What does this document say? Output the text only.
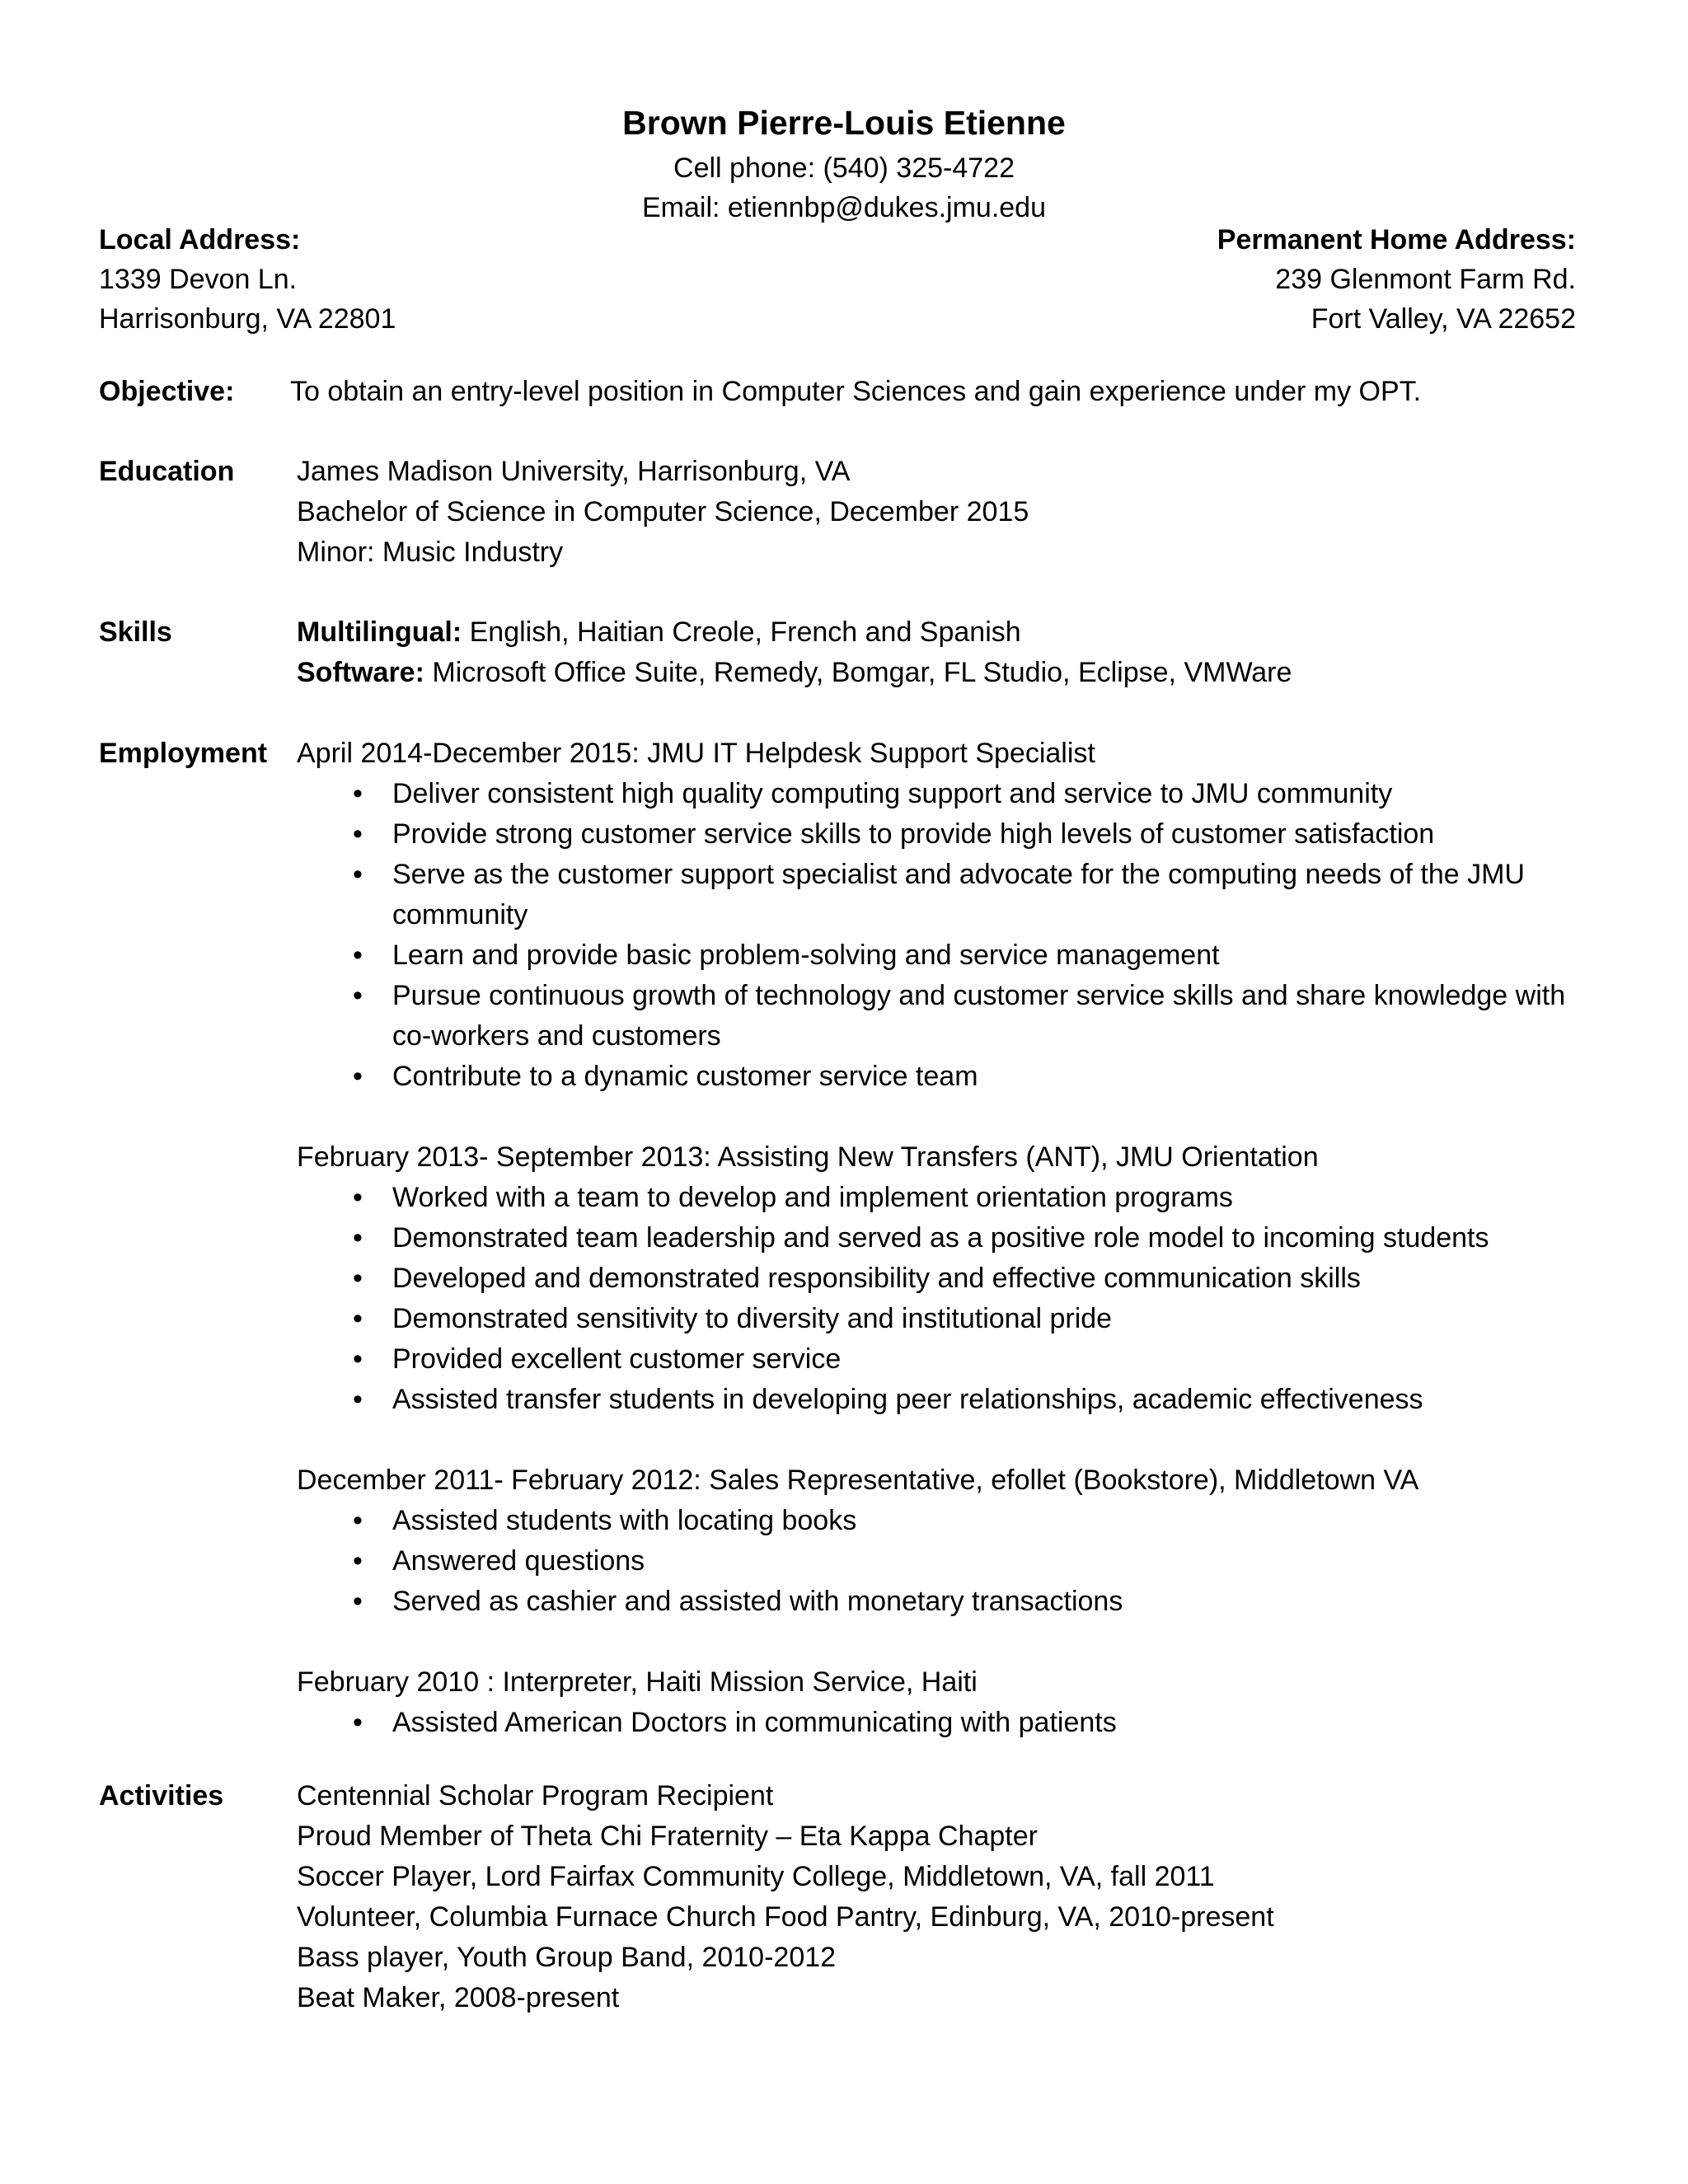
Brown Pierre-Louis Etienne
Cell phone: (540) 325-4722
Email: etiennbp@dukes.jmu.edu
Local Address:
1339 Devon Ln.
Harrisonburg, VA 22801
Permanent Home Address:
239 Glenmont Farm Rd.
Fort Valley, VA 22652
Objective: To obtain an entry-level position in Computer Sciences and gain experience under my OPT.
Education James Madison University, Harrisonburg, VA
Bachelor of Science in Computer Science, December 2015
Minor: Music Industry
Skills	Multilingual: English, Haitian Creole, French and Spanish
Software: Microsoft Office Suite, Remedy, Bomgar, FL Studio, Eclipse, VMWare
Employment April 2014-December 2015: JMU IT Helpdesk Support Specialist
• Deliver consistent high quality computing support and service to JMU community
• Provide strong customer service skills to provide high levels of customer satisfaction
• Serve as the customer support specialist and advocate for the computing needs of the JMU community
• Learn and provide basic problem-solving and service management
• Pursue continuous growth of technology and customer service skills and share knowledge with co-workers and customers
• Contribute to a dynamic customer service team
February 2013- September 2013: Assisting New Transfers (ANT), JMU Orientation
• Worked with a team to develop and implement orientation programs
• Demonstrated team leadership and served as a positive role model to incoming students
• Developed and demonstrated responsibility and effective communication skills
• Demonstrated sensitivity to diversity and institutional pride
• Provided excellent customer service
• Assisted transfer students in developing peer relationships, academic effectiveness
December 2011- February 2012: Sales Representative, efollet (Bookstore), Middletown VA
• Assisted students with locating books
• Answered questions
• Served as cashier and assisted with monetary transactions
February 2010 : Interpreter, Haiti Mission Service, Haiti
• Assisted American Doctors in communicating with patients
Activities	Centennial Scholar Program Recipient
Proud Member of Theta Chi Fraternity – Eta Kappa Chapter
Soccer Player, Lord Fairfax Community College, Middletown, VA, fall 2011
Volunteer, Columbia Furnace Church Food Pantry, Edinburg, VA, 2010-present
Bass player, Youth Group Band, 2010-2012
Beat Maker, 2008-present
